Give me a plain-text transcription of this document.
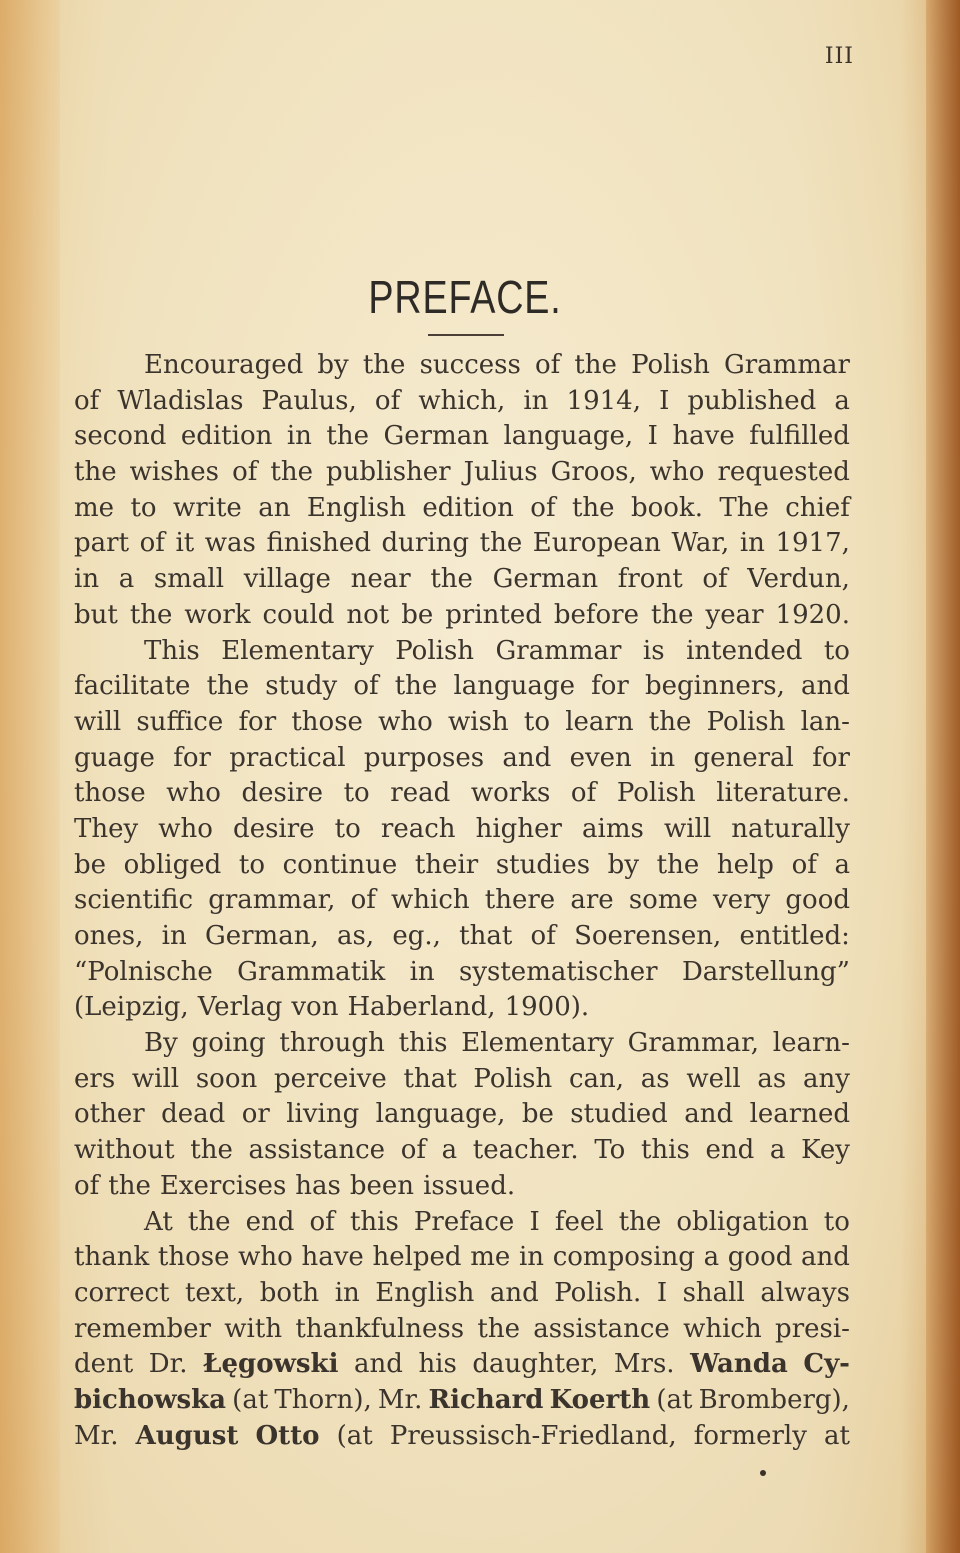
III
PREFACE.
Encouraged by the success of the Polish Grammar
of Wladislas Paulus, of which, in 1914, I published a
second edition in the German language, I have fulfilled
the wishes of the publisher Julius Groos, who requested
me to write an English edition of the book. The chief
part of it was finished during the European War, in 1917,
in a small village near the German front of Verdun,
but the work could not be printed before the year 1920.
This Elementary Polish Grammar is intended to
facilitate the study of the language for beginners, and
will suffice for those who wish to learn the Polish lan-
guage for practical purposes and even in general for
those who desire to read works of Polish literature.
They who desire to reach higher aims will naturally
be obliged to continue their studies by the help of a
scientific grammar, of which there are some very good
ones, in German, as, eg., that of Soerensen, entitled:
“Polnische Grammatik in systematischer Darstellung”
(Leipzig, Verlag von Haberland, 1900).
By going through this Elementary Grammar, learn-
ers will soon perceive that Polish can, as well as any
other dead or living language, be studied and learned
without the assistance of a teacher. To this end a Key
of the Exercises has been issued.
At the end of this Preface I feel the obligation to
thank those who have helped me in composing a good and
correct text, both in English and Polish. I shall always
remember with thankfulness the assistance which presi-
dent Dr. Łęgowski and his daughter, Mrs. Wanda Cy-
bichowska (at Thorn), Mr. Richard Koerth (at Bromberg),
Mr. August Otto (at Preussisch-Friedland, formerly at
